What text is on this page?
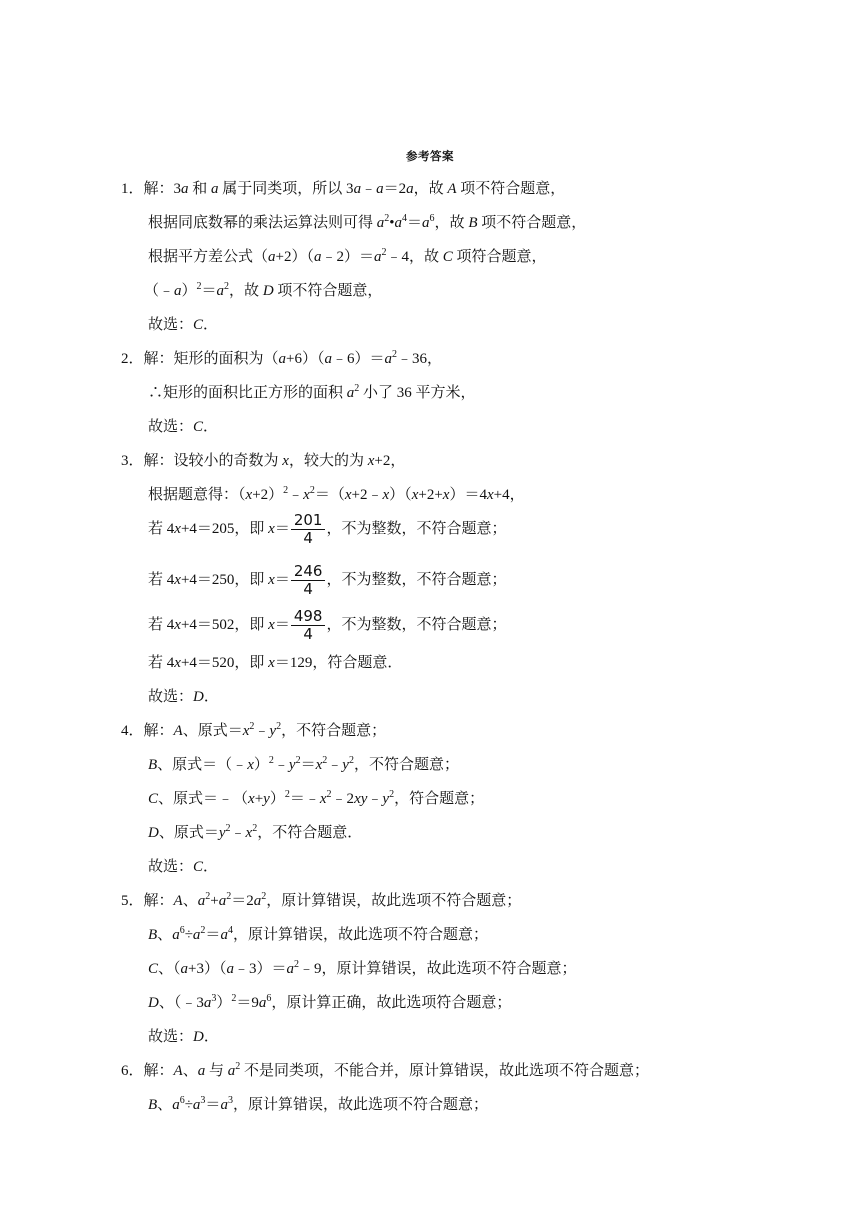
参考答案
1．解：3a 和 a 属于同类项，所以 3a﹣a＝2a，故 A 项不符合题意，
根据同底数幂的乘法运算法则可得 $a^2•a^4=a^6$，故 B 项不符合题意，
根据平方差公式$(a+2)(a﹣2)=a^2﹣4$，故 C 项符合题意，
$(﹣a)^2=a^2$，故 D 项不符合题意，
故选：C．
2．解：矩形的面积为$(a+6)(a﹣6)=a^2﹣36$，
∴矩形的面积比正方形的面积 $a^2$ 小了 36 平方米，
故选：C．
3．解：设较小的奇数为 x，较大的为 x+2，
根据题意得：$(x+2)^2﹣x^2=(x+2﹣x)(x+2+x)=4x+4$，
若 4x+4＝205，即 $x= \frac{201}{4}$ ，不为整数，不符合题意；
若 4x+4＝250，即 $x= \frac{246}{4}$ ，不为整数，不符合题意；
若 4x+4＝502，即 $x= \frac{498}{4}$ ，不为整数，不符合题意；
若 4x+4＝520，即 x＝129，符合题意．
故选：D．
4．解：A、原式$=x^2﹣y^2$，不符合题意；
B、原式$=(﹣x)^2﹣y^2=x^2﹣y^2$，不符合题意；
C、原式$=﹣(x+y)^2=﹣x^2﹣2xy﹣y^2$，符合题意；
D、原式$=y^2﹣x^2$，不符合题意．
故选：C．
5．解：A、$a^2+a^2=2a^2$，原计算错误，故此选项不符合题意；
B、$a^6\div a^2=a^4$，原计算错误，故此选项不符合题意；
C、$(a+3)(a﹣3)=a^2﹣9$，原计算错误，故此选项不符合题意；
D、$(﹣3a^3)^2=9a^6$，原计算正确，故此选项符合题意；
故选：D．
6．解：A、a 与 $a^2$ 不是同类项，不能合并，原计算错误，故此选项不符合题意；
B、$a^6\div a^3=a^3$，原计算错误，故此选项不符合题意；
